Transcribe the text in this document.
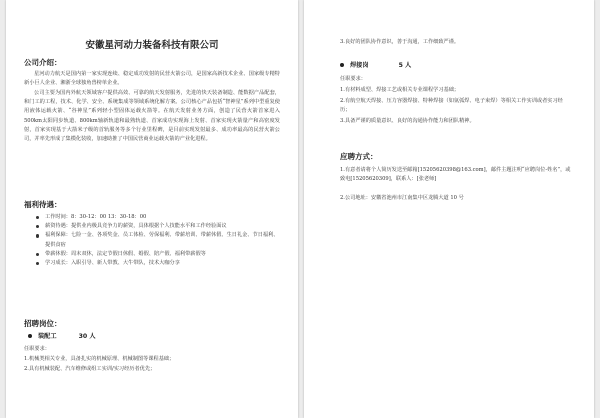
安徽星河动力装备科技有限公司
公司介绍：

星河动力航天是国内第一家实现连续、稳定成功发射的民营火箭公司，是国家高新技术企业、国家级专精特新小巨人企业、湘浙全球独角兽榜单企业。

公司主要为国内外航天领域客户提供高效、可靠的航天发射服务，先进的快天装备制造、能数据产品配套，和门工的工程，技术、化学、安全、系统集成等领域系统化解方案。公司核心产品包括“智神星”系列中型重复使用液体运载火箭、“谷神星”系列轻小型固体运载火箭等。在航天发射业务方面，创造了民营火箭首家进入500km太阳同步轨道、800km轴新轨道和最熟轨道、首家成功实现海上发射、首家实现火箭量产和高密度发射，首家实现基于大箭米子级的首轨服务等多个行业里程碑，是目前实现发射最多、成功率最高的民营火箭公司，并率先形成了集模化装收，加速助推了中国民营商业运载火箭的产业化进程。

福利待遇：
工作时间：8：30-12：00 13：30-18：00
薪资待遇：提供业内极具竞争力的薪资，具体根据个人技能水平和工作经验面议
福利保障：七险一金、各项奖金、员工体检、劳保福利、带薪培训、带薪休假、生日礼金、节日福利、提供食宿
带薪休假：周末双休，法定节假日休假、婚假、陪产假、福利带薪假等
学习成长：入职引导、新人带教、大牛带队，技术大咖分享
招聘岗位：
装配工	30 人
任职要求：
1.机械类相关专业，具备扎实的机械原理、机械制图等课程基础；
2.具有机械装配、汽车维修或组工实训/实习经历者优先；
3.良好的团队协作意识，善于沟通，工作细致严谨。
焊接岗	5 人
任职要求：
1.有材料成型、焊接工艺或相关专业课程学习基础；
2.有航空航天焊接、压力容器焊接、特种焊接（如氩弧焊、电子束焊）等相关工作实训或者实习经历；
3.具备严谨的质量意识、良好的沟通协作能力和团队精神。
应聘方式：
1.有意者请将个人简历发送至邮箱[15205620398@163.com]，邮件主题注明“应聘岗位-姓名”，或致电[15205620309]，联系人：[张老师]
2.公司地址：安徽省池州市江南集中区龙腾大道 10 号
